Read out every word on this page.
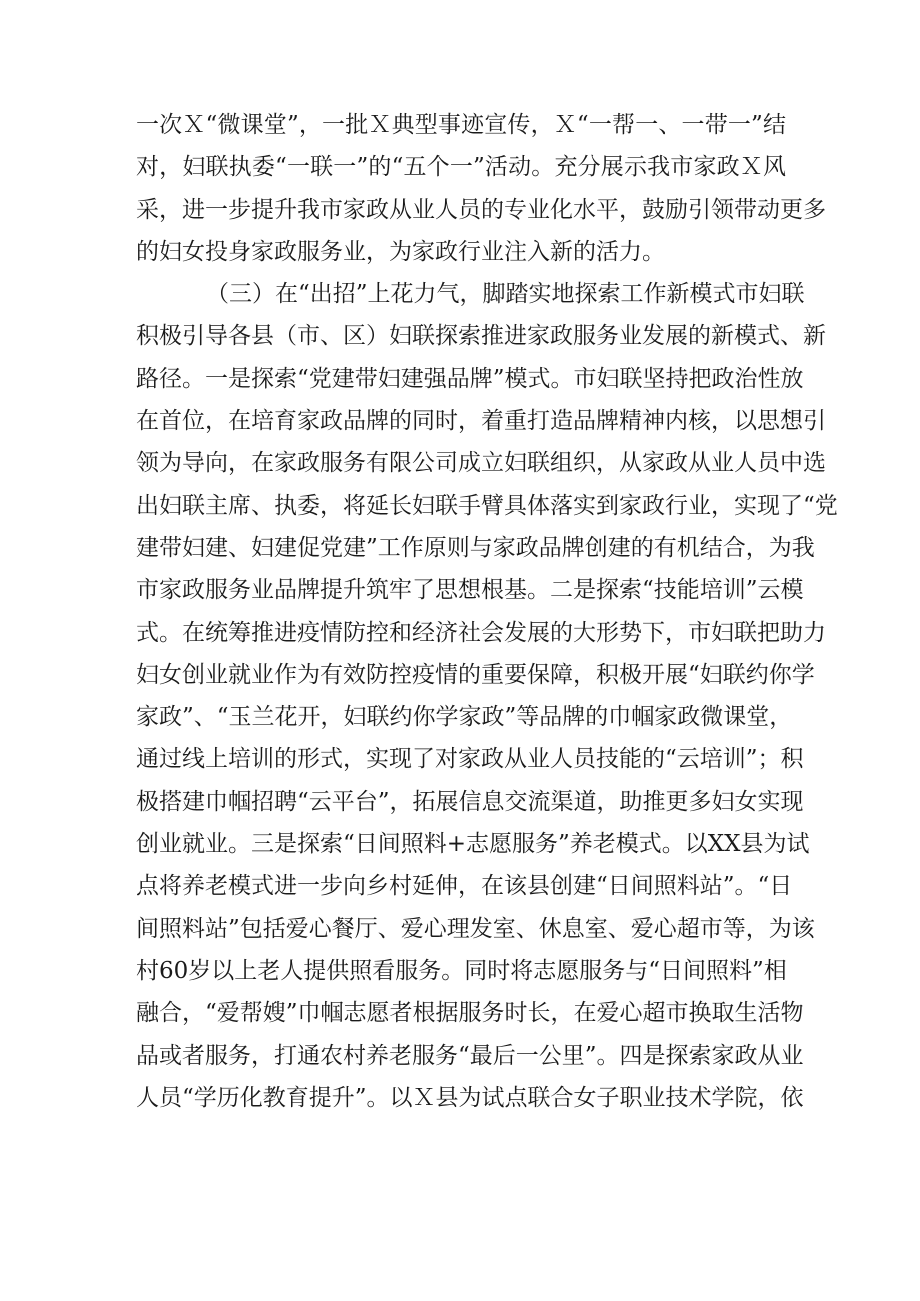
一次Ｘ“微课堂”，一批Ｘ典型事迹宣传，Ｘ“一帮一、一带一”结
对，妇联执委“一联一”的“五个一”活动。充分展示我市家政Ｘ风
采，进一步提升我市家政从业人员的专业化水平，鼓励引领带动更多
的妇女投身家政服务业，为家政行业注入新的活力。
（三）在“出招”上花力气，脚踏实地探索工作新模式市妇联
积极引导各县（市、区）妇联探索推进家政服务业发展的新模式、新
路径。一是探索“党建带妇建强品牌”模式。市妇联坚持把政治性放
在首位，在培育家政品牌的同时，着重打造品牌精神内核，以思想引
领为导向，在家政服务有限公司成立妇联组织，从家政从业人员中选
出妇联主席、执委，将延长妇联手臂具体落实到家政行业，实现了“党
建带妇建、妇建促党建”工作原则与家政品牌创建的有机结合，为我
市家政服务业品牌提升筑牢了思想根基。二是探索“技能培训”云模
式。在统筹推进疫情防控和经济社会发展的大形势下，市妇联把助力
妇女创业就业作为有效防控疫情的重要保障，积极开展“妇联约你学
家政”、“玉兰花开，妇联约你学家政”等品牌的巾帼家政微课堂，
通过线上培训的形式，实现了对家政从业人员技能的“云培训”；积
极搭建巾帼招聘“云平台”，拓展信息交流渠道，助推更多妇女实现
创业就业。三是探索“日间照料+志愿服务”养老模式。以XX县为试
点将养老模式进一步向乡村延伸，在该县创建“日间照料站”。“日
间照料站”包括爱心餐厅、爱心理发室、休息室、爱心超市等，为该
村60岁以上老人提供照看服务。同时将志愿服务与“日间照料”相
融合，“爱帮嫂”巾帼志愿者根据服务时长，在爱心超市换取生活物
品或者服务，打通农村养老服务“最后一公里”。四是探索家政从业
人员“学历化教育提升”。以Ｘ县为试点联合女子职业技术学院，依
